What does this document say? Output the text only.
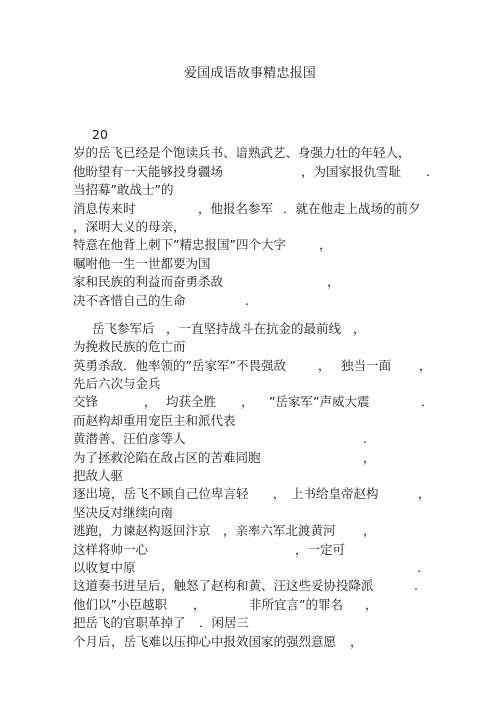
爱国成语故事精忠报国
20
岁的岳飞已经是个饱读兵书、谙熟武艺、身强力壮的年轻人，
他盼望有一天能够投身疆场	，为国家报仇雪耻 .
当招募”敢战士”的
消息传来时	，他报名参军 ．就在他走上战场的前夕
，深明大义的母亲，
特意在他背上刺下”精忠报国”四个大字	，
嘱咐他一生一世都要为国
家和民族的利益而奋勇杀敌	，
决不吝惜自己的生命	.
岳飞参军后 ，一直坚持战斗在抗金的最前线 ，
为挽救民族的危亡而
英勇杀敌 ．他率领的”岳家军”不畏强敌	， 独当一面 ，
先后六次与金兵
交锋	， 均获全胜 ， ”岳家军”声威大震	．
而赵构却重用宠臣主和派代表
黄潜善、汪伯彦等人	.
为了拯救沦陷在敌占区的苦难同胞	，
把敌人驱
逐出境 ，岳飞不顾自己位卑言轻 ， 上书给皇帝赵构	，
坚决反对继续向南
逃跑 ，力谏赵构返回汴京 ，亲率六军北渡黄河 ，
这样将帅一心	，一定可
以收复中原	.
这道奏书进呈后 ，触怒了赵构和黄、汪这些妥协投降派	.
他们以”小臣越职 ，	非所宜言”的罪名 ，
把岳飞的官职革掉了 ．闲居三
个月后 ，岳飞难以压抑心中报效国家的强烈意愿 ，
